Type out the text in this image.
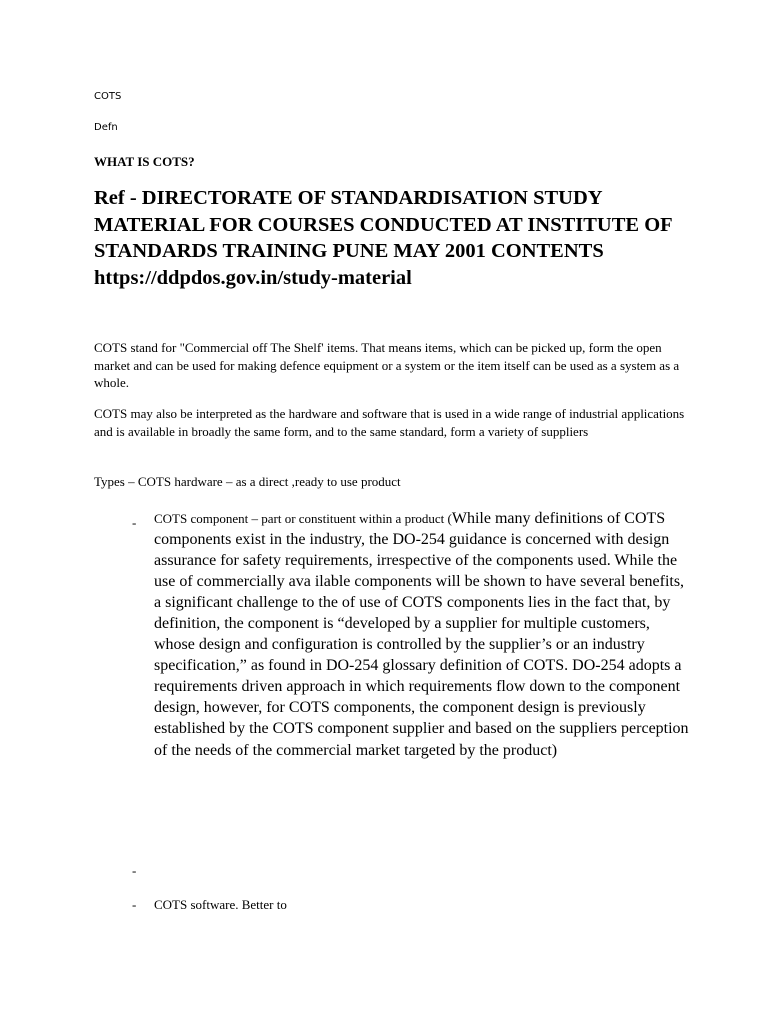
COTS
Defn
WHAT IS COTS?
Ref - DIRECTORATE OF STANDARDISATION STUDY MATERIAL FOR COURSES CONDUCTED AT INSTITUTE OF STANDARDS TRAINING PUNE MAY 2001 CONTENTS https://ddpdos.gov.in/study-material
COTS stand for "Commercial off The Shelf' items. That means items, which can be picked up, form the open market and can be used for making defence equipment or a system or the item itself can be used as a system as a whole.
COTS may also be interpreted as the hardware and software that is used in a wide range of industrial applications and is available in broadly the same form, and to the same standard, form a variety of suppliers
Types – COTS hardware – as a direct ,ready to use product
- COTS component – part or constituent within a product (While many definitions of COTS components exist in the industry, the DO-254 guidance is concerned with design assurance for safety requirements, irrespective of the components used. While the use of commercially ava ilable components will be shown to have several benefits, a significant challenge to the of use of COTS components lies in the fact that, by definition, the component is “developed by a supplier for multiple customers, whose design and configuration is controlled by the supplier’s or an industry specification,” as found in DO-254 glossary definition of COTS. DO-254 adopts a requirements driven approach in which requirements flow down to the component design, however, for COTS components, the component design is previously established by the COTS component supplier and based on the suppliers perception of the needs of the commercial market targeted by the product)
-
- COTS software. Better to
